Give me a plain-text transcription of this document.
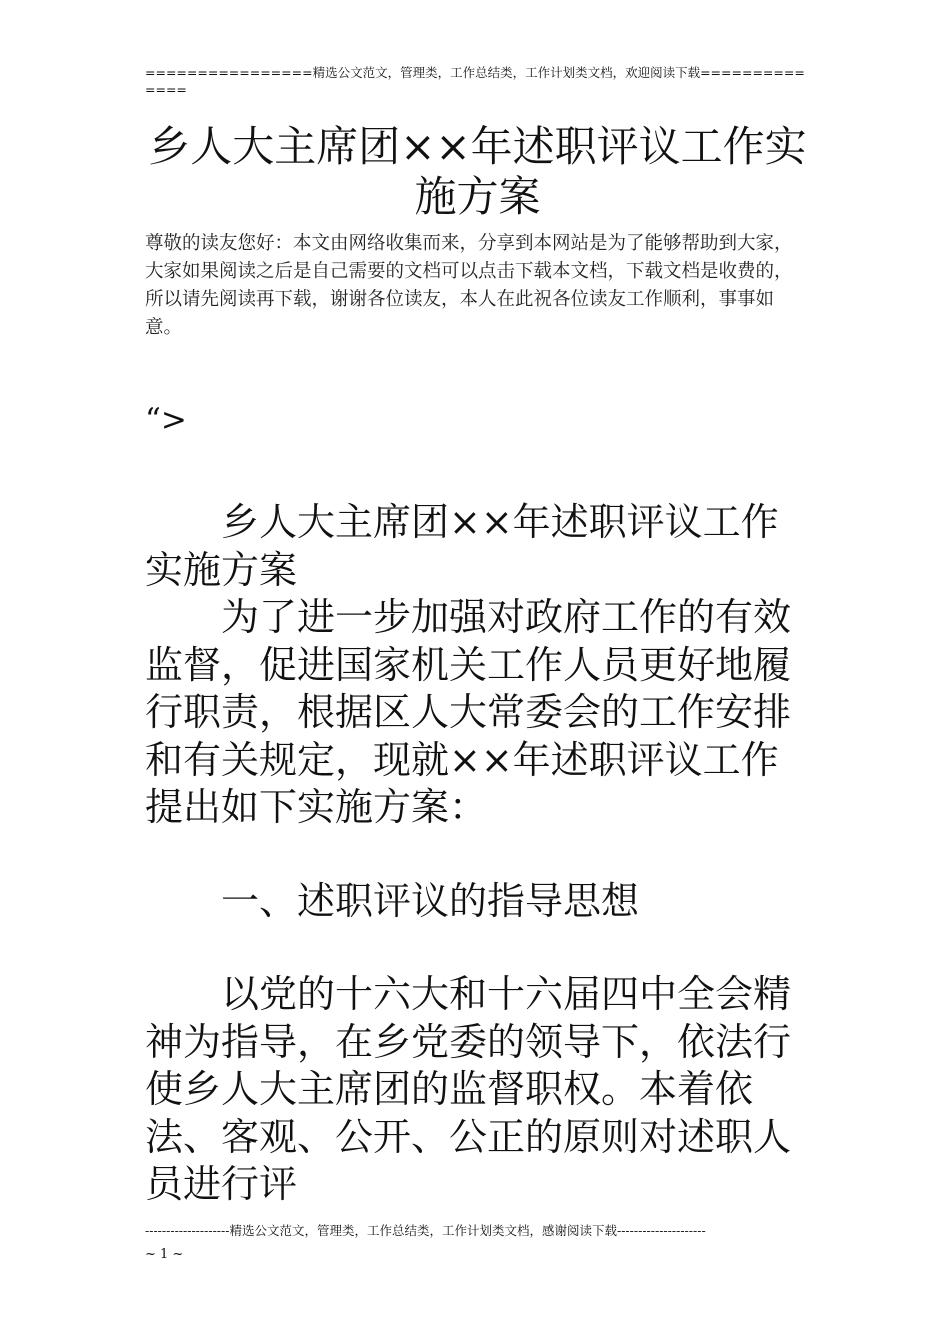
================精选公文范文，管理类，工作总结类，工作计划类文档，欢迎阅读下载==============
乡人大主席团××年述职评议工作实施方案
尊敬的读友您好：本文由网络收集而来，分享到本网站是为了能够帮助到大家，大家如果阅读之后是自己需要的文档可以点击下载本文档，下载文档是收费的，所以请先阅读再下载，谢谢各位读友，本人在此祝各位读友工作顺利，事事如意。
“>

乡人大主席团××年述职评议工作实施方案

为了进一步加强对政府工作的有效监督，促进国家机关工作人员更好地履行职责，根据区人大常委会的工作安排和有关规定，现就××年述职评议工作提出如下实施方案：

一、述职评议的指导思想

以党的十六大和十六届四中全会精神为指导，在乡党委的领导下，依法行使乡人大主席团的监督职权。本着依法、客观、公开、公正的原则对述职人员进行评

--------------------精选公文范文，管理类，工作总结类，工作计划类文档，感谢阅读下载---------------------
~ 1 ~
